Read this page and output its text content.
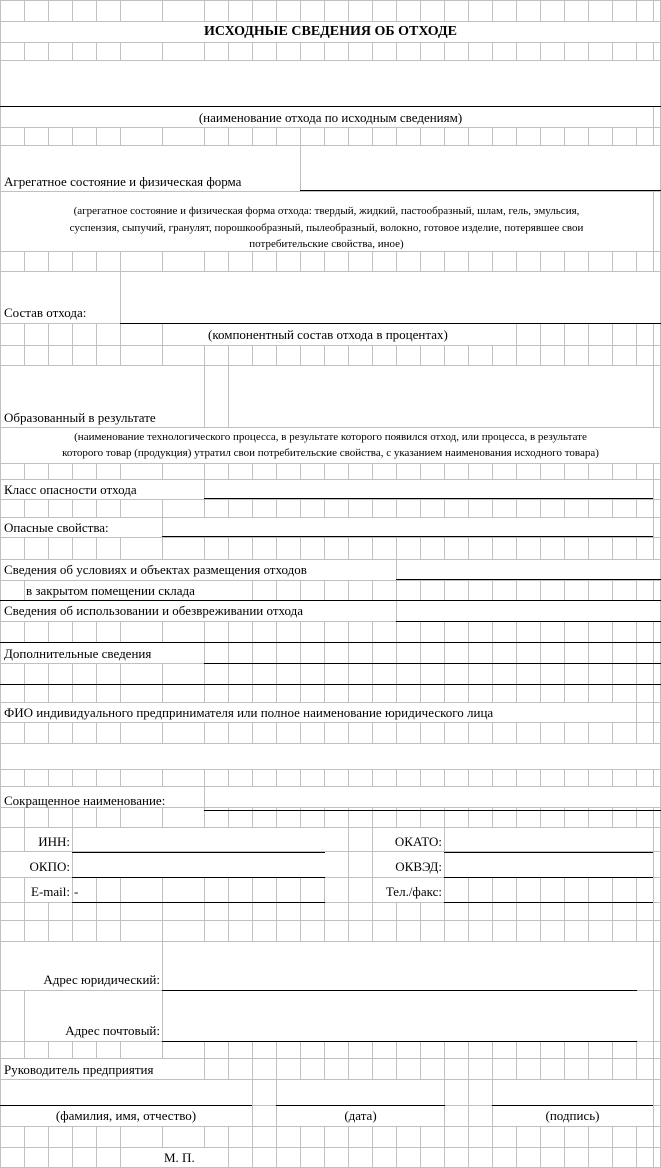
ИСХОДНЫЕ СВЕДЕНИЯ ОБ ОТХОДЕ
(наименование отхода по исходным сведениям)
Агрегатное состояние и физическая форма
(агрегатное состояние и физическая форма отхода: твердый, жидкий, пастообразный, шлам, гель, эмульсия,
суспензия, сыпучий, гранулят, порошкообразный, пылеобразный, волокно, готовое изделие, потерявшее свои
потребительские свойства, иное)
Состав отхода:
(компонентный состав отхода в процентах)
Образованный в результате
(наименование технологического процесса, в результате которого появился отход, или процесса, в результате
которого товар (продукция) утратил свои потребительские свойства, с указанием наименования исходного товара)
Класс опасности отхода
Опасные свойства:
Сведения об условиях и объектах размещения отходов
в закрытом помещении склада
Сведения об использовании и обезвреживании отхода
Дополнительные сведения
ФИО индивидуального предпринимателя или полное наименование юридического лица
Сокращенное наименование:
ИНН:
ОКПО:
E-mail: -
ОКАТО:
ОКВЭД:
Тел./факс:
Адрес юридический:
Адрес почтовый:
Руководитель предприятия
(фамилия, имя, отчество)	(дата)	(подпись)
М. П.
